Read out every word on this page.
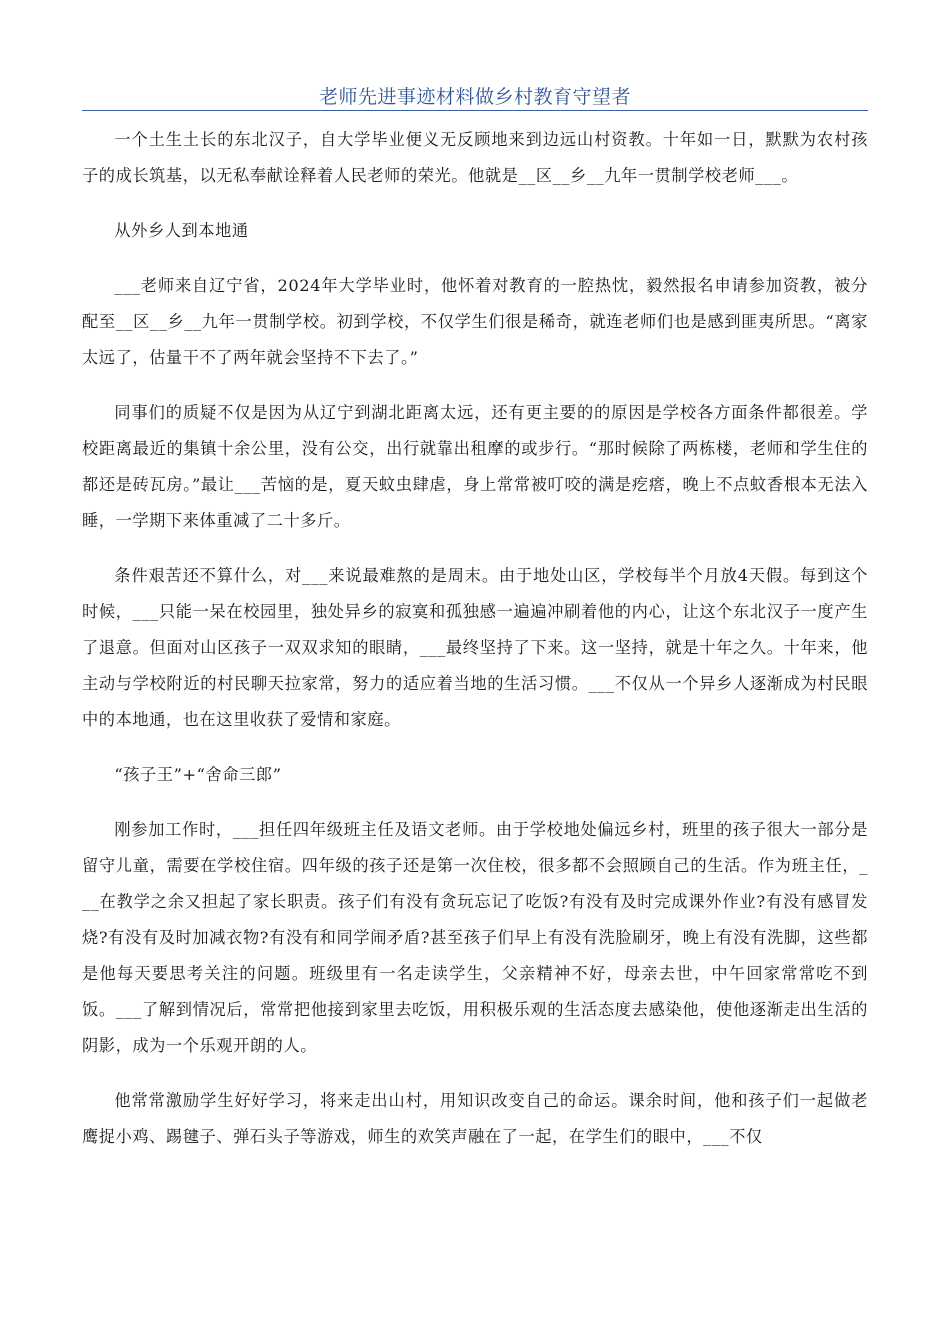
老师先进事迹材料做乡村教育守望者

一个土生土长的东北汉子，自大学毕业便义无反顾地来到边远山村资教。十年如一日，默默为农村孩子的成长筑基，以无私奉献诠释着人民老师的荣光。他就是__区__乡__九年一贯制学校老师___。

从外乡人到本地通

___老师来自辽宁省，2024年大学毕业时，他怀着对教育的一腔热忱，毅然报名申请参加资教，被分配至__区__乡__九年一贯制学校。初到学校，不仅学生们很是稀奇，就连老师们也是感到匪夷所思。“离家太远了，估量干不了两年就会坚持不下去了。”

同事们的质疑不仅是因为从辽宁到湖北距离太远，还有更主要的的原因是学校各方面条件都很差。学校距离最近的集镇十余公里，没有公交，出行就靠出租摩的或步行。“那时候除了两栋楼，老师和学生住的都还是砖瓦房。”最让___苦恼的是，夏天蚊虫肆虐，身上常常被叮咬的满是疙瘩，晚上不点蚊香根本无法入睡，一学期下来体重减了二十多斤。

条件艰苦还不算什么，对___来说最难熬的是周末。由于地处山区，学校每半个月放4天假。每到这个时候，___只能一呆在校园里，独处异乡的寂寞和孤独感一遍遍冲刷着他的内心，让这个东北汉子一度产生了退意。但面对山区孩子一双双求知的眼睛，___最终坚持了下来。这一坚持，就是十年之久。十年来，他主动与学校附近的村民聊天拉家常，努力的适应着当地的生活习惯。___不仅从一个异乡人逐渐成为村民眼中的本地通，也在这里收获了爱情和家庭。

“孩子王”+“舍命三郎”

刚参加工作时，___担任四年级班主任及语文老师。由于学校地处偏远乡村，班里的孩子很大一部分是留守儿童，需要在学校住宿。四年级的孩子还是第一次住校，很多都不会照顾自己的生活。作为班主任，___在教学之余又担起了家长职责。孩子们有没有贪玩忘记了吃饭?有没有及时完成课外作业?有没有感冒发烧?有没有及时加减衣物?有没有和同学闹矛盾?甚至孩子们早上有没有洗脸刷牙，晚上有没有洗脚，这些都是他每天要思考关注的问题。班级里有一名走读学生，父亲精神不好，母亲去世，中午回家常常吃不到饭。___了解到情况后，常常把他接到家里去吃饭，用积极乐观的生活态度去感染他，使他逐渐走出生活的阴影，成为一个乐观开朗的人。

他常常激励学生好好学习，将来走出山村，用知识改变自己的命运。课余时间，他和孩子们一起做老鹰捉小鸡、踢毽子、弹石头子等游戏，师生的欢笑声融在了一起，在学生们的眼中，___不仅
